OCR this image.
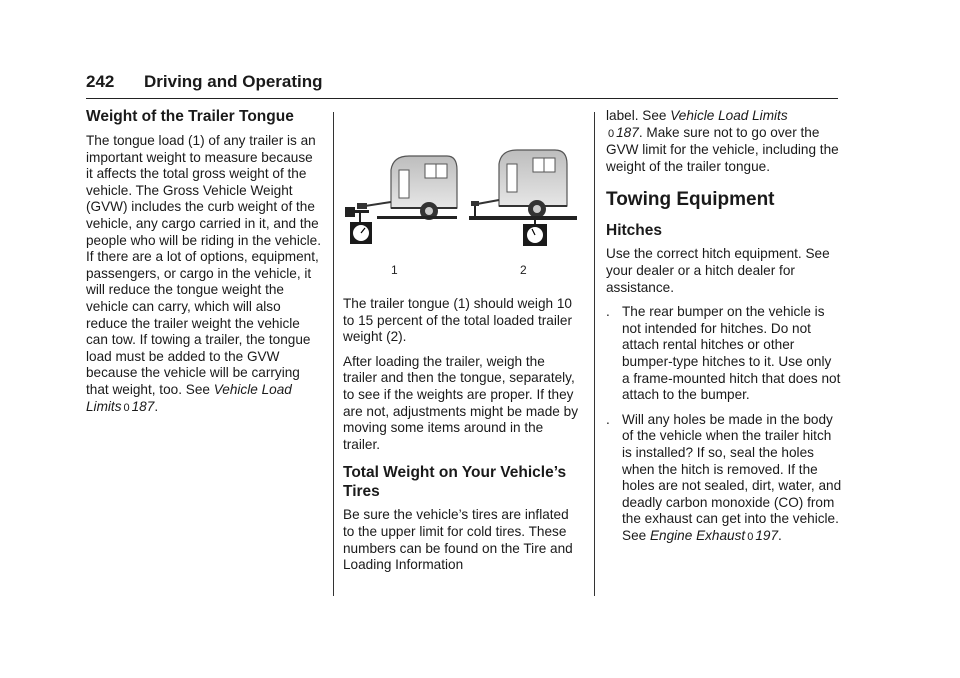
242 Driving and Operating
Weight of the Trailer Tongue

The tongue load (1) of any trailer is an important weight to measure because it affects the total gross weight of the vehicle. The Gross Vehicle Weight (GVW) includes the curb weight of the vehicle, any cargo carried in it, and the people who will be riding in the vehicle.

If there are a lot of options, equipment, passengers, or cargo in the vehicle, it will reduce the tongue weight the vehicle can carry, which will also reduce the trailer weight the vehicle can tow. If towing a trailer, the tongue load must be added to the GVW because the vehicle will be carrying that weight, too. See Vehicle Load Limits 0 187.

1	2

The trailer tongue (1) should weigh 10 to 15 percent of the total loaded trailer weight (2).

After loading the trailer, weigh the trailer and then the tongue, separately, to see if the weights are proper. If they are not, adjustments might be made by moving some items around in the trailer.

Total Weight on Your Vehicle’s Tires

Be sure the vehicle’s tires are inflated to the upper limit for cold tires. These numbers can be found on the Tire and Loading Information

label. See Vehicle Load Limits
0 187. Make sure not to go over the GVW limit for the vehicle, including the weight of the trailer tongue.

Towing Equipment
Hitches

Use the correct hitch equipment. See your dealer or a hitch dealer for assistance.

. The rear bumper on the vehicle is not intended for hitches. Do not attach rental hitches or other bumper-type hitches to it. Use only a frame-mounted hitch that does not attach to the bumper.
. Will any holes be made in the body of the vehicle when the trailer hitch is installed? If so, seal the holes when the hitch is removed. If the holes are not sealed, dirt, water, and deadly carbon monoxide (CO) from the exhaust can get into the vehicle. See Engine Exhaust 0 197.
